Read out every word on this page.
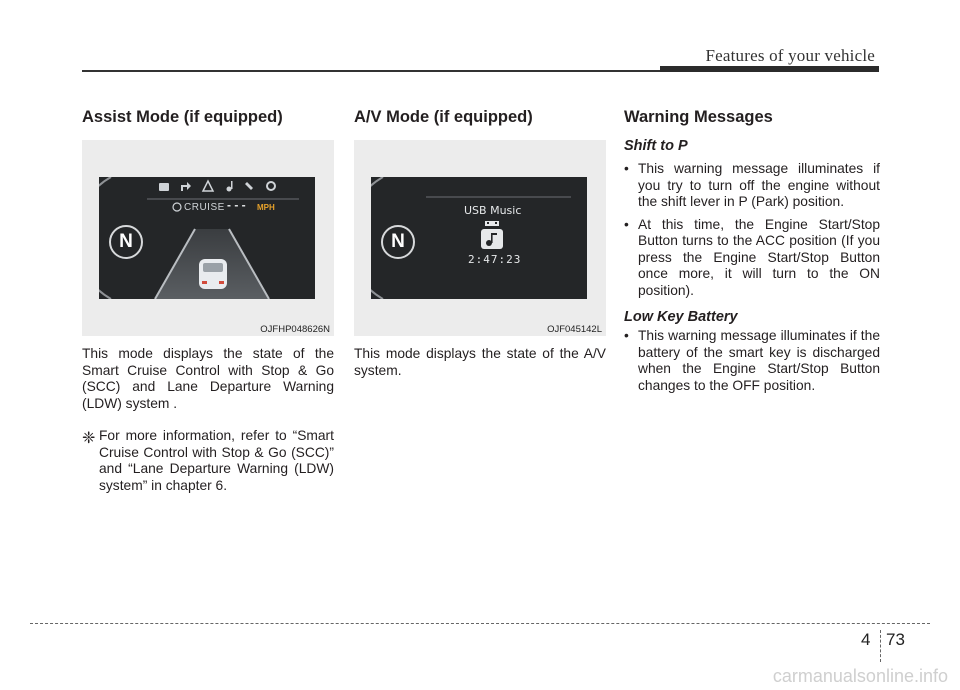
Features of your vehicle
Assist Mode (if equipped)
N
CRUISE - - - MPH
OJFHP048626N

This mode displays the state of the Smart Cruise Control with Stop & Go (SCC) and Lane Departure Warning (LDW) system .

❈ For more information, refer to “Smart Cruise Control with Stop & Go (SCC)” and “Lane Departure Warning (LDW) system” in chapter 6.

A/V Mode (if equipped)
N
USB Music
2:47:23
OJF045142L

This mode displays the state of the A/V system.

Warning Messages
Shift to P
• This warning message illuminates if you try to turn off the engine without the shift lever in P (Park) position.
• At this time, the Engine Start/Stop Button turns to the ACC position (If you press the Engine Start/Stop Button once more, it will turn to the ON position).
Low Key Battery
• This warning message illuminates if the battery of the smart key is discharged when the Engine Start/Stop Button changes to the OFF position.
4 73
carmanualsonline.info
